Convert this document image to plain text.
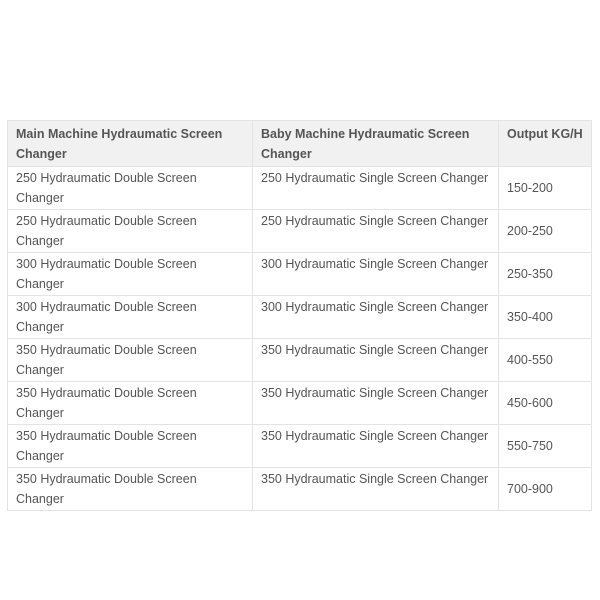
Main Machine Hydraumatic Screen Changer	Baby Machine Hydraumatic Screen Changer	Output KG/H
250 Hydraumatic Double Screen Changer	250 Hydraumatic Single Screen Changer	150-200
250 Hydraumatic Double Screen Changer	250 Hydraumatic Single Screen Changer	200-250
300 Hydraumatic Double Screen Changer	300 Hydraumatic Single Screen Changer	250-350
300 Hydraumatic Double Screen Changer	300 Hydraumatic Single Screen Changer	350-400
350 Hydraumatic Double Screen Changer	350 Hydraumatic Single Screen Changer	400-550
350 Hydraumatic Double Screen Changer	350 Hydraumatic Single Screen Changer	450-600
350 Hydraumatic Double Screen Changer	350 Hydraumatic Single Screen Changer	550-750
350 Hydraumatic Double Screen Changer	350 Hydraumatic Single Screen Changer	700-900
